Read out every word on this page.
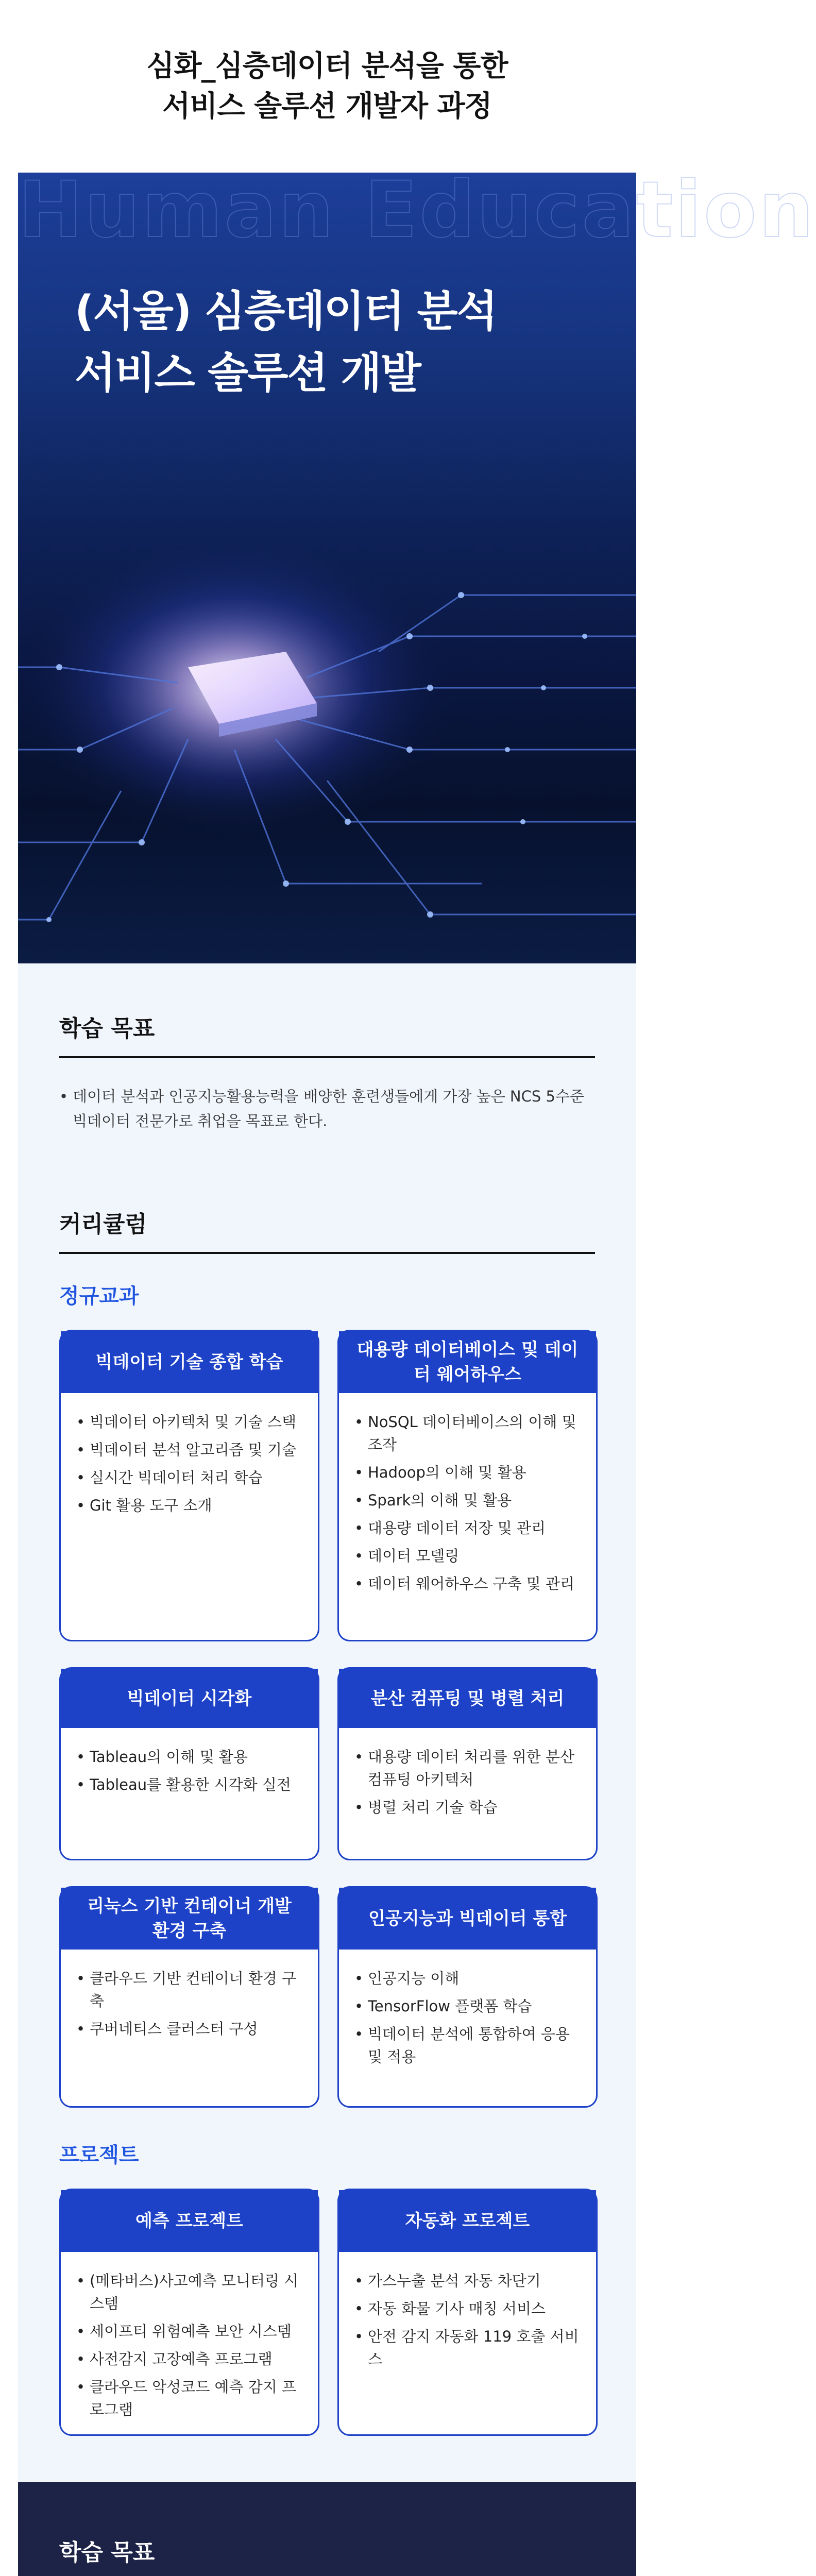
심화_심층데이터 분석을 통한
서비스 솔루션 개발자 과정
Human Education
(서울) 심층데이터 분석
서비스 솔루션 개발
학습 목표

• 데이터 분석과 인공지능활용능력을 배양한 훈련생들에게 가장 높은 NCS 5수준 빅데이터 전문가로 취업을 목표로 한다.

커리큘럼
정규교과
빅데이터 기술 종합 학습
• 빅데이터 아키텍처 및 기술 스택
• 빅데이터 분석 알고리즘 및 기술
• 실시간 빅데이터 처리 학습
• Git 활용 도구 소개
대용량 데이터베이스 및 데이터 웨어하우스
• NoSQL 데이터베이스의 이해 및 조작
• Hadoop의 이해 및 활용
• Spark의 이해 및 활용
• 대용량 데이터 저장 및 관리
• 데이터 모델링
• 데이터 웨어하우스 구축 및 관리
빅데이터 시각화
• Tableau의 이해 및 활용
• Tableau를 활용한 시각화 실전
분산 컴퓨팅 및 병렬 처리
• 대용량 데이터 처리를 위한 분산 컴퓨팅 아키텍처
• 병렬 처리 기술 학습
리눅스 기반 컨테이너 개발 환경 구축
• 클라우드 기반 컨테이너 환경 구축
• 쿠버네티스 클러스터 구성
인공지능과 빅데이터 통합
• 인공지능 이해
• TensorFlow 플랫폼 학습
• 빅데이터 분석에 통합하여 응용 및 적용
프로젝트
예측 프로젝트
• (메타버스)사고예측 모니터링 시스템
• 세이프티 위험예측 보안 시스템
• 사전감지 고장예측 프로그램
• 클라우드 악성코드 예측 감지 프로그램
자동화 프로젝트
• 가스누출 분석 자동 차단기
• 자동 화물 기사 매칭 서비스
• 안전 감지 자동화 119 호출 서비스
학습 목표
